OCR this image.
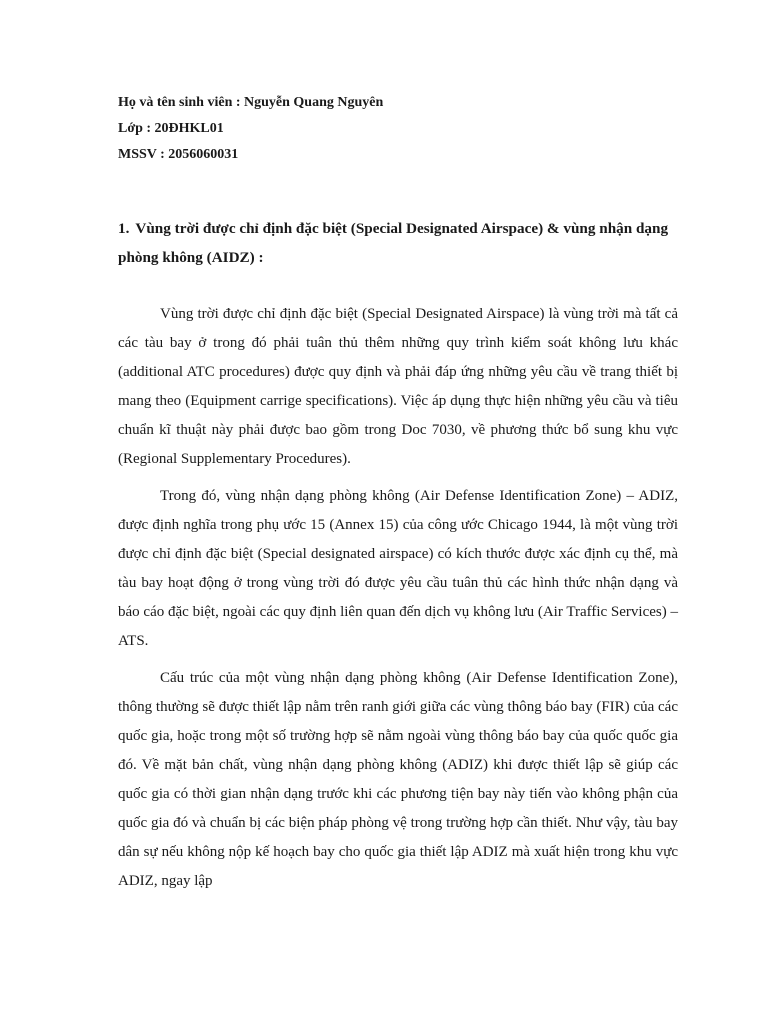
Họ và tên sinh viên : Nguyễn Quang Nguyên

Lớp : 20ĐHKL01

MSSV : 2056060031

1. Vùng trời được chỉ định đặc biệt (Special Designated Airspace) & vùng nhận dạng phòng không (AIDZ) :

Vùng trời được chỉ định đặc biệt (Special Designated Airspace) là vùng trời mà tất cả các tàu bay ở trong đó phải tuân thủ thêm những quy trình kiểm soát không lưu khác (additional ATC procedures) được quy định và phải đáp ứng những yêu cầu về trang thiết bị mang theo (Equipment carrige specifications). Việc áp dụng thực hiện những yêu cầu và tiêu chuẩn kĩ thuật này phải được bao gồm trong Doc 7030, về phương thức bổ sung khu vực (Regional Supplementary Procedures).

Trong đó, vùng nhận dạng phòng không (Air Defense Identification Zone) – ADIZ, được định nghĩa trong phụ ước 15 (Annex 15) của công ước Chicago 1944, là một vùng trời được chỉ định đặc biệt (Special designated airspace) có kích thước được xác định cụ thể, mà tàu bay hoạt động ở trong vùng trời đó được yêu cầu tuân thủ các hình thức nhận dạng và báo cáo đặc biệt, ngoài các quy định liên quan đến dịch vụ không lưu (Air Traffic Services) – ATS.

Cấu trúc của một vùng nhận dạng phòng không (Air Defense Identification Zone), thông thường sẽ được thiết lập nằm trên ranh giới giữa các vùng thông báo bay (FIR) của các quốc gia, hoặc trong một số trường hợp sẽ nằm ngoài vùng thông báo bay của quốc quốc gia đó. Về mặt bản chất, vùng nhận dạng phòng không (ADIZ) khi được thiết lập sẽ giúp các quốc gia có thời gian nhận dạng trước khi các phương tiện bay này tiến vào không phận của quốc gia đó và chuẩn bị các biện pháp phòng vệ trong trường hợp cần thiết. Như vậy, tàu bay dân sự nếu không nộp kế hoạch bay cho quốc gia thiết lập ADIZ mà xuất hiện trong khu vực ADIZ, ngay lập
